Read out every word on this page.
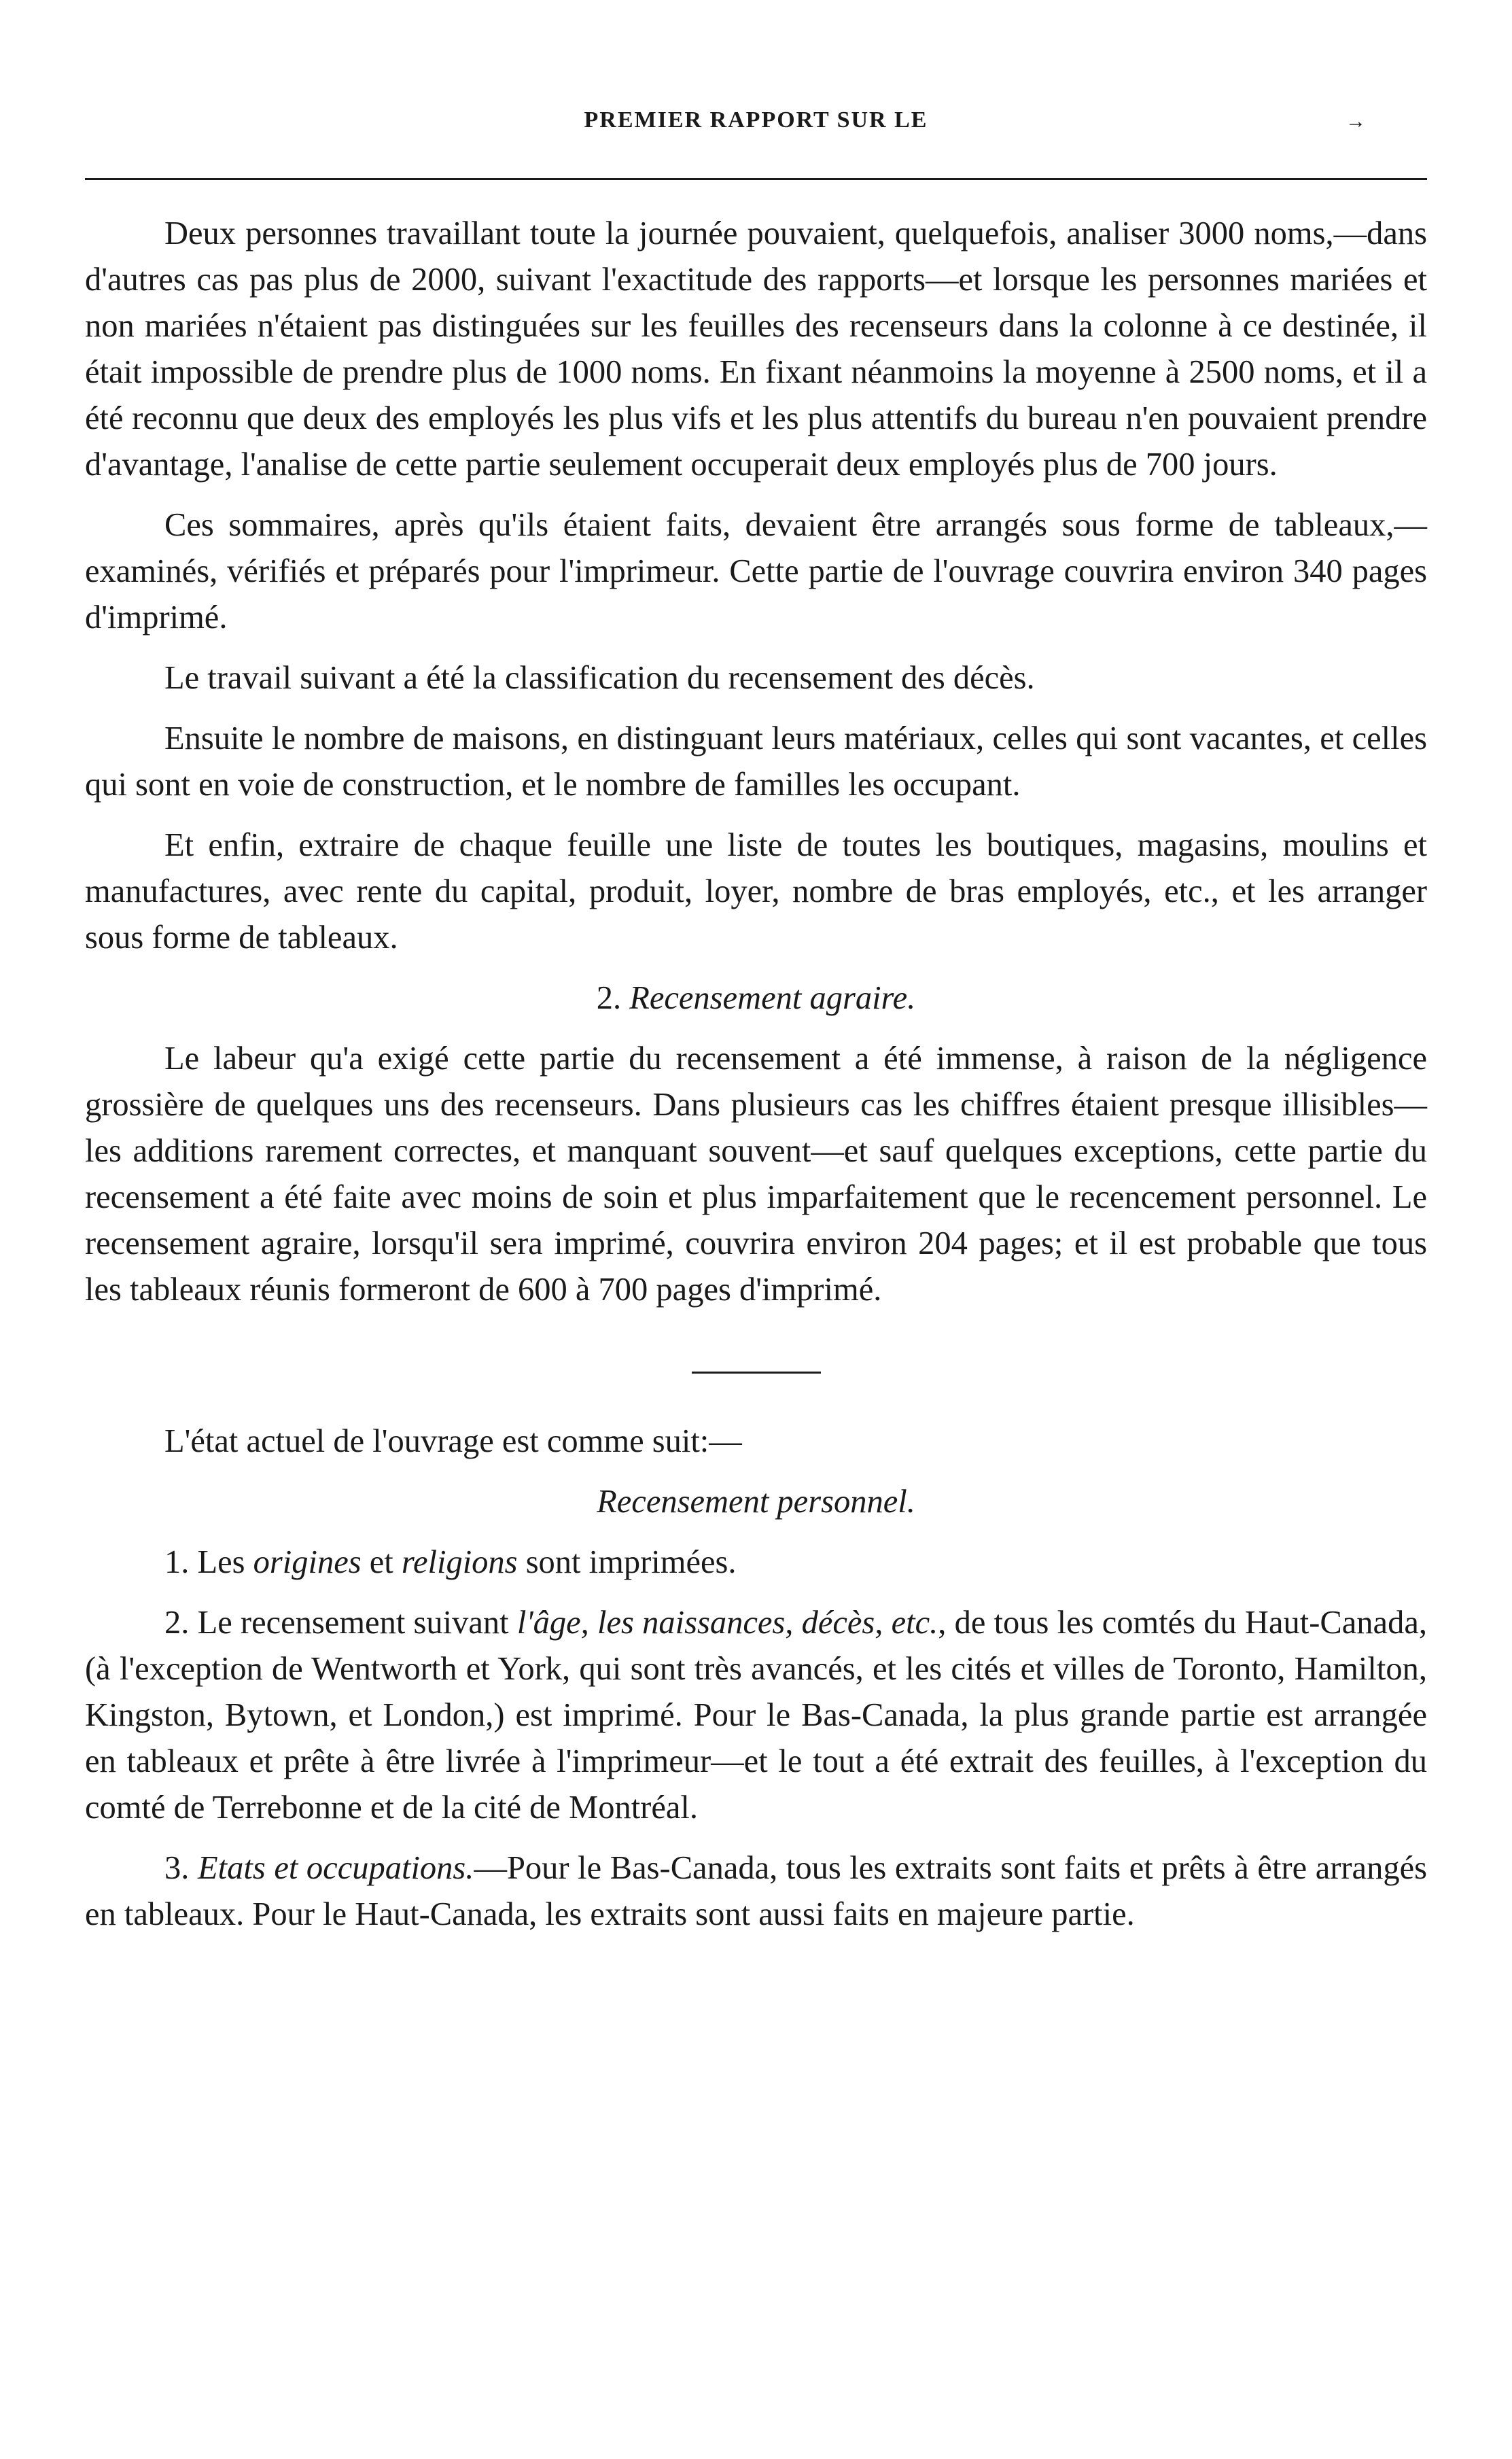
PREMIER RAPPORT SUR LE	→

Deux personnes travaillant toute la journée pouvaient, quelquefois, analiser 3000 noms,—dans d'autres cas pas plus de 2000, suivant l'exactitude des rapports—et lorsque les personnes mariées et non mariées n'étaient pas distinguées sur les feuilles des recenseurs dans la colonne à ce destinée, il était impossible de prendre plus de 1000 noms. En fixant néanmoins la moyenne à 2500 noms, et il a été reconnu que deux des employés les plus vifs et les plus attentifs du bureau n'en pouvaient prendre d'avantage, l'analise de cette partie seulement occuperait deux employés plus de 700 jours.

Ces sommaires, après qu'ils étaient faits, devaient être arrangés sous forme de tableaux,—examinés, vérifiés et préparés pour l'imprimeur. Cette partie de l'ouvrage couvrira environ 340 pages d'imprimé.

Le travail suivant a été la classification du recensement des décès.

Ensuite le nombre de maisons, en distinguant leurs matériaux, celles qui sont vacantes, et celles qui sont en voie de construction, et le nombre de familles les occupant.

Et enfin, extraire de chaque feuille une liste de toutes les boutiques, magasins, moulins et manufactures, avec rente du capital, produit, loyer, nombre de bras employés, etc., et les arranger sous forme de tableaux.

2. Recensement agraire.

Le labeur qu'a exigé cette partie du recensement a été immense, à raison de la négligence grossière de quelques uns des recenseurs. Dans plusieurs cas les chiffres étaient presque illisibles—les additions rarement correctes, et manquant souvent—et sauf quelques exceptions, cette partie du recensement a été faite avec moins de soin et plus imparfaitement que le recencement personnel. Le recensement agraire, lorsqu'il sera imprimé, couvrira environ 204 pages; et il est probable que tous les tableaux réunis formeront de 600 à 700 pages d'imprimé.

L'état actuel de l'ouvrage est comme suit:—

Recensement personnel.

1. Les origines et religions sont imprimées.

2. Le recensement suivant l'âge, les naissances, décès, etc., de tous les comtés du Haut-Canada, (à l'exception de Wentworth et York, qui sont très avancés, et les cités et villes de Toronto, Hamilton, Kingston, Bytown, et London,) est imprimé. Pour le Bas-Canada, la plus grande partie est arrangée en tableaux et prête à être livrée à l'imprimeur—et le tout a été extrait des feuilles, à l'exception du comté de Terrebonne et de la cité de Montréal.

3. Etats et occupations.—Pour le Bas-Canada, tous les extraits sont faits et prêts à être arrangés en tableaux. Pour le Haut-Canada, les extraits sont aussi faits en majeure partie.
